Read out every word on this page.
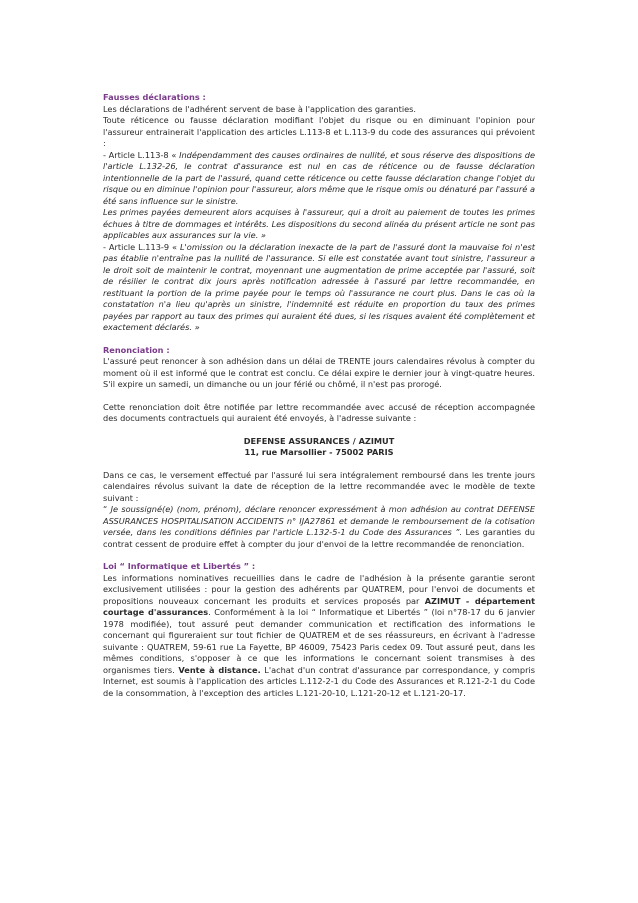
Fausses déclarations :

Les déclarations de l'adhérent servent de base à l'application des garanties.

Toute réticence ou fausse déclaration modifiant l'objet du risque ou en diminuant l'opinion pour l'assureur entrainerait l'application des articles L.113-8 et L.113-9 du code des assurances qui prévoient :

- Article L.113-8 « Indépendamment des causes ordinaires de nullité, et sous réserve des dispositions de l'article L.132-26, le contrat d'assurance est nul en cas de réticence ou de fausse déclaration intentionnelle de la part de l'assuré, quand cette réticence ou cette fausse déclaration change l'objet du risque ou en diminue l'opinion pour l'assureur, alors même que le risque omis ou dénaturé par l'assuré a été sans influence sur le sinistre.

Les primes payées demeurent alors acquises à l'assureur, qui a droit au paiement de toutes les primes échues à titre de dommages et intérêts. Les dispositions du second alinéa du présent article ne sont pas applicables aux assurances sur la vie. »

- Article L.113-9 « L'omission ou la déclaration inexacte de la part de l'assuré dont la mauvaise foi n'est pas établie n'entraîne pas la nullité de l'assurance. Si elle est constatée avant tout sinistre, l'assureur a le droit soit de maintenir le contrat, moyennant une augmentation de prime acceptée par l'assuré, soit de résilier le contrat dix jours après notification adressée à l'assuré par lettre recommandée, en restituant la portion de la prime payée pour le temps où l'assurance ne court plus. Dans le cas où la constatation n'a lieu qu'après un sinistre, l'indemnité est réduite en proportion du taux des primes payées par rapport au taux des primes qui auraient été dues, si les risques avaient été complètement et exactement déclarés. »

Renonciation :

L'assuré peut renoncer à son adhésion dans un délai de TRENTE jours calendaires révolus à compter du moment où il est informé que le contrat est conclu. Ce délai expire le dernier jour à vingt-quatre heures. S'il expire un samedi, un dimanche ou un jour férié ou chômé, il n'est pas prorogé.

Cette renonciation doit être notifiée par lettre recommandée avec accusé de réception accompagnée des documents contractuels qui auraient été envoyés, à l'adresse suivante :

DEFENSE ASSURANCES / AZIMUT

11, rue Marsollier - 75002 PARIS

Dans ce cas, le versement effectué par l'assuré lui sera intégralement remboursé dans les trente jours calendaires révolus suivant la date de réception de la lettre recommandée avec le modèle de texte suivant :

“ Je soussigné(e) (nom, prénom), déclare renoncer expressément à mon adhésion au contrat DEFENSE ASSURANCES HOSPITALISATION ACCIDENTS n° IJA27861 et demande le remboursement de la cotisation versée, dans les conditions définies par l'article L.132-5-1 du Code des Assurances ”. Les garanties du contrat cessent de produire effet à compter du jour d'envoi de la lettre recommandée de renonciation.

Loi “ Informatique et Libertés ” :

Les informations nominatives recueillies dans le cadre de l'adhésion à la présente garantie seront exclusivement utilisées : pour la gestion des adhérents par QUATREM, pour l'envoi de documents et propositions nouveaux concernant les produits et services proposés par AZIMUT - département courtage d'assurances. Conformément à la loi “ Informatique et Libertés ” (loi n°78-17 du 6 janvier 1978 modifiée), tout assuré peut demander communication et rectification des informations le concernant qui figureraient sur tout fichier de QUATREM et de ses réassureurs, en écrivant à l'adresse suivante : QUATREM, 59-61 rue La Fayette, BP 46009, 75423 Paris cedex 09. Tout assuré peut, dans les mêmes conditions, s'opposer à ce que les informations le concernant soient transmises à des organismes tiers. Vente à distance. L'achat d'un contrat d'assurance par correspondance, y compris Internet, est soumis à l'application des articles L.112-2-1 du Code des Assurances et R.121-2-1 du Code de la consommation, à l'exception des articles L.121-20-10, L.121-20-12 et L.121-20-17.
